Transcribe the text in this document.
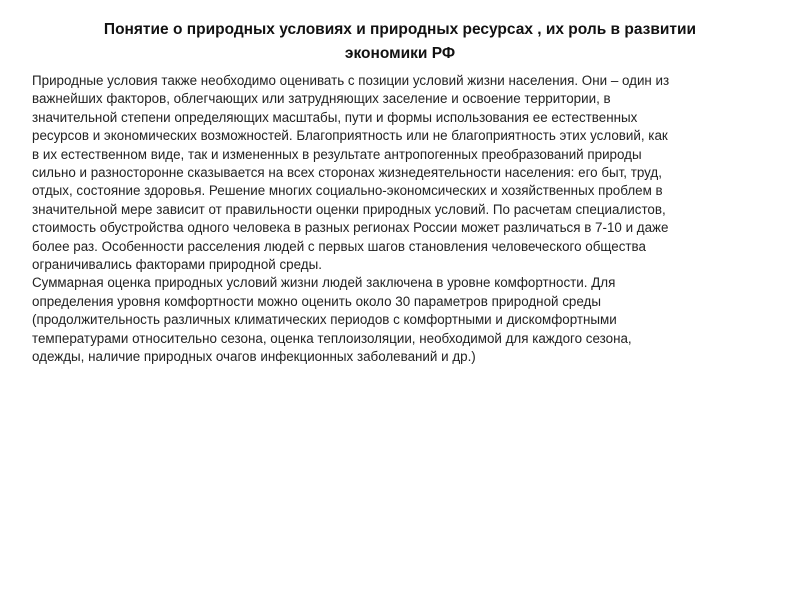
Понятие о природных условиях и природных ресурсах , их роль в развитии
экономики РФ
Природные условия также необходимо оценивать с позиции условий жизни населения. Они – один из
важнейших факторов, облегчающих или затрудняющих заселение и освоение территории, в
значительной степени определяющих масштабы, пути и формы использования ее естественных
ресурсов и экономических возможностей. Благоприятность или не благоприятность этих условий, как
в их естественном виде, так и измененных в результате антропогенных преобразований природы
сильно и разносторонне сказывается на всех сторонах жизнедеятельности населения: его быт, труд,
отдых, состояние здоровья. Решение многих социально-экономсических и хозяйственных проблем в
значительной мере зависит от правильности оценки природных условий. По расчетам специалистов,
стоимость обустройства одного человека в разных регионах России может различаться в 7-10 и даже
более раз. Особенности расселения людей с первых шагов становления человеческого общества
ограничивались факторами природной среды.
Суммарная оценка природных условий жизни людей заключена в уровне комфортности. Для
определения уровня комфортности можно оценить около 30 параметров природной среды
(продолжительность различных климатических периодов с комфортными и дискомфортными
температурами относительно сезона, оценка теплоизоляции, необходимой для каждого сезона,
одежды, наличие природных очагов инфекционных заболеваний и др.)
